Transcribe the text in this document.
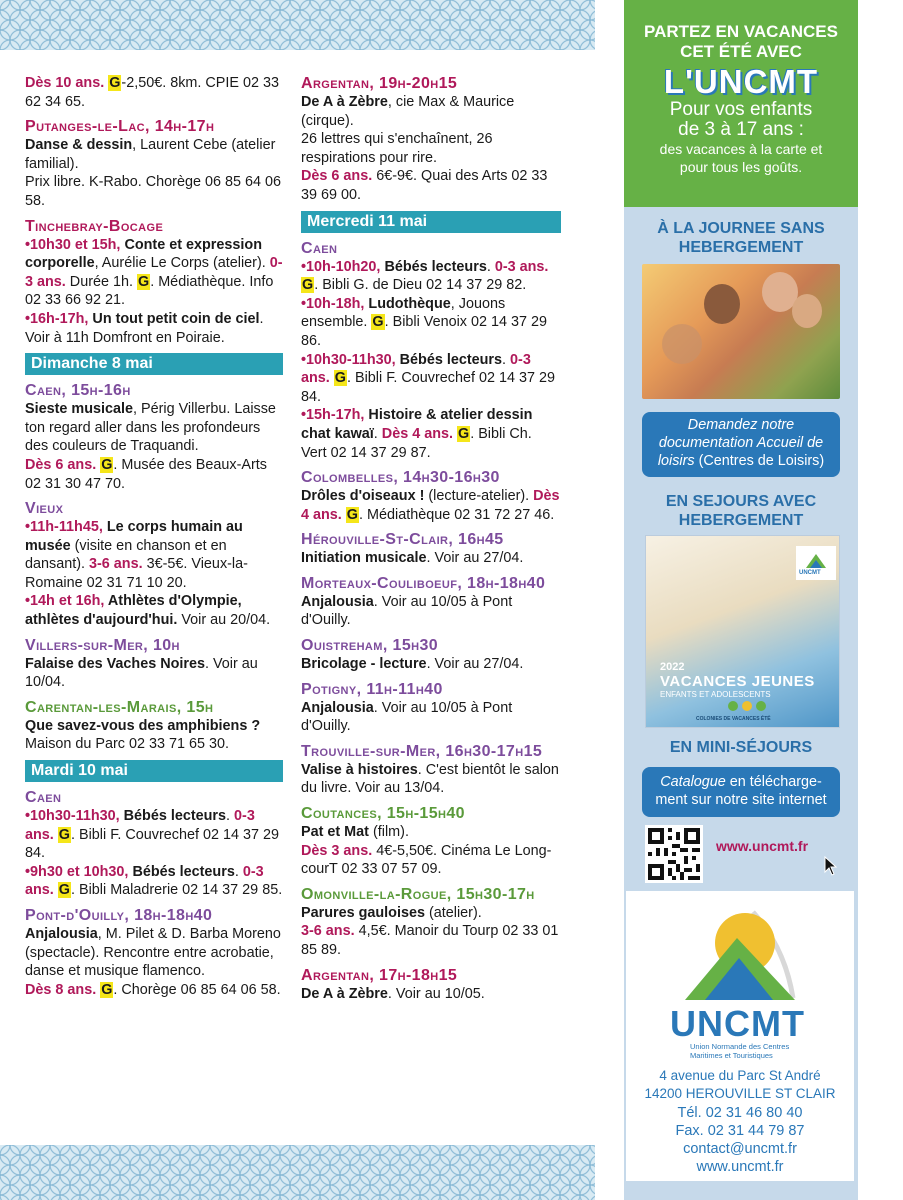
Dès 10 ans. G-2,50€. 8km. CPIE 02 33 62 34 65.
Putanges-le-Lac, 14h-17h
Danse & dessin, Laurent Cebe (atelier familial).
Prix libre. K-Rabo. Chorège 06 85 64 06 58.
Tinchebray-Bocage
•10h30 et 15h, Conte et expression corporelle, Aurélie Le Corps (atelier). 0-3 ans. Durée 1h. G. Médiathèque. Info 02 33 66 92 21.
•16h-17h, Un tout petit coin de ciel. Voir à 11h Domfront en Poiraie.
Dimanche 8 mai
Caen, 15h-16h
Sieste musicale, Périg Villerbu. Laisse ton regard aller dans les profondeurs des couleurs de Traquandi.
Dès 6 ans. G. Musée des Beaux-Arts 02 31 30 47 70.
Vieux
•11h-11h45, Le corps humain au musée (visite en chanson et en dansant). 3-6 ans. 3€-5€. Vieux-la-Romaine 02 31 71 10 20.
•14h et 16h, Athlètes d'Olympie, athlètes d'aujourd'hui. Voir au 20/04.
Villers-sur-Mer, 10h
Falaise des Vaches Noires. Voir au 10/04.
Carentan-les-Marais, 15h
Que savez-vous des amphibiens ? Maison du Parc 02 33 71 65 30.
Mardi 10 mai
Caen
•10h30-11h30, Bébés lecteurs. 0-3 ans. G. Bibli F. Couvrechef 02 14 37 29 84.
•9h30 et 10h30, Bébés lecteurs. 0-3 ans. G. Bibli Maladrerie 02 14 37 29 85.
Pont-d'Ouilly, 18h-18h40
Anjalousia, M. Pilet & D. Barba Moreno (spectacle). Rencontre entre acrobatie, danse et musique flamenco.
Dès 8 ans. G. Chorège 06 85 64 06 58.
Argentan, 19h-20h15
De A à Zèbre, cie Max & Maurice (cirque).
26 lettres qui s'enchaînent, 26 respirations pour rire.
Dès 6 ans. 6€-9€. Quai des Arts 02 33 39 69 00.
Mercredi 11 mai
Caen
•10h-10h20, Bébés lecteurs. 0-3 ans. G. Bibli G. de Dieu 02 14 37 29 82.
•10h-18h, Ludothèque, Jouons ensemble. G. Bibli Venoix 02 14 37 29 86.
•10h30-11h30, Bébés lecteurs. 0-3 ans. G. Bibli F. Couvrechef 02 14 37 29 84.
•15h-17h, Histoire & atelier dessin chat kawaï. Dès 4 ans. G. Bibli Ch. Vert 02 14 37 29 87.
Colombelles, 14h30-16h30
Drôles d'oiseaux ! (lecture-atelier). Dès 4 ans. G. Médiathèque 02 31 72 27 46.
Hérouville-St-Clair, 16h45
Initiation musicale. Voir au 27/04.
Morteaux-Couliboeuf, 18h-18h40
Anjalousia. Voir au 10/05 à Pont d'Ouilly.
Ouistreham, 15h30
Bricolage - lecture. Voir au 27/04.
Potigny, 11h-11h40
Anjalousia. Voir au 10/05 à Pont d'Ouilly.
Trouville-sur-Mer, 16h30-17h15
Valise à histoires. C'est bientôt le salon du livre. Voir au 13/04.
Coutances, 15h-15h40
Pat et Mat (film).
Dès 3 ans. 4€-5,50€. Cinéma Le Long-courT 02 33 07 57 09.
Omonville-la-Rogue, 15h30-17h
Parures gauloises (atelier).
3-6 ans. 4,5€. Manoir du Tourp 02 33 01 85 89.
Argentan, 17h-18h15
De A à Zèbre. Voir au 10/05.
PARTEZ EN VACANCES
CET ÉTÉ AVEC
L'UNCMT
Pour vos enfants
de 3 à 17 ans :
des vacances à la carte et
pour tous les goûts.
À LA JOURNEE SANS
HEBERGEMENT
Demandez notre documentation Accueil de loisirs (Centres de Loisirs)
EN SEJOURS AVEC
HEBERGEMENT
UNCMT
2022
VACANCES JEUNES
ENFANTS ET ADOLESCENTS
COLONIES DE VACANCES ÉTÉ
EN MINI-SÉJOURS
Catalogue en télécharge-ment sur notre site internet
www.uncmt.fr
UNCMT
Union Normande des Centres
Maritimes et Touristiques
4 avenue du Parc St André
14200 HEROUVILLE ST CLAIR
Tél. 02 31 46 80 40
Fax. 02 31 44 79 87
contact@uncmt.fr
www.uncmt.fr
